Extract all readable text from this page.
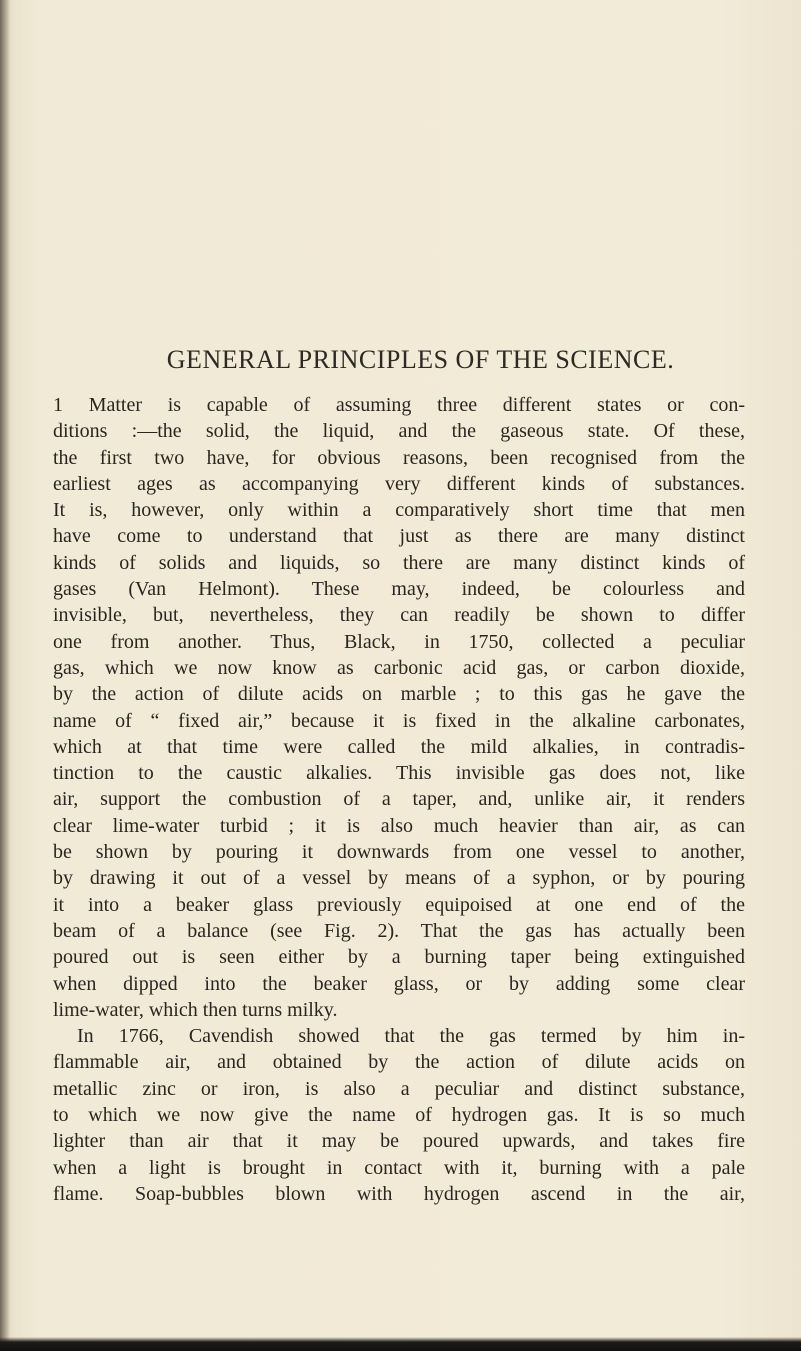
GENERAL PRINCIPLES OF THE SCIENCE.
1 Matter is capable of assuming three different states or con-
ditions :—the solid, the liquid, and the gaseous state. Of these,
the first two have, for obvious reasons, been recognised from the
earliest ages as accompanying very different kinds of substances.
It is, however, only within a comparatively short time that men
have come to understand that just as there are many distinct
kinds of solids and liquids, so there are many distinct kinds of
gases (Van Helmont). These may, indeed, be colourless and
invisible, but, nevertheless, they can readily be shown to differ
one from another. Thus, Black, in 1750, collected a peculiar
gas, which we now know as carbonic acid gas, or carbon dioxide,
by the action of dilute acids on marble ; to this gas he gave the
name of “ fixed air,” because it is fixed in the alkaline carbonates,
which at that time were called the mild alkalies, in contradis-
tinction to the caustic alkalies. This invisible gas does not, like
air, support the combustion of a taper, and, unlike air, it renders
clear lime-water turbid ; it is also much heavier than air, as can
be shown by pouring it downwards from one vessel to another,
by drawing it out of a vessel by means of a syphon, or by pouring
it into a beaker glass previously equipoised at one end of the
beam of a balance (see Fig. 2). That the gas has actually been
poured out is seen either by a burning taper being extinguished
when dipped into the beaker glass, or by adding some clear
lime-water, which then turns milky.
In 1766, Cavendish showed that the gas termed by him in-
flammable air, and obtained by the action of dilute acids on
metallic zinc or iron, is also a peculiar and distinct substance,
to which we now give the name of hydrogen gas. It is so much
lighter than air that it may be poured upwards, and takes fire
when a light is brought in contact with it, burning with a pale
flame. Soap-bubbles blown with hydrogen ascend in the air,
